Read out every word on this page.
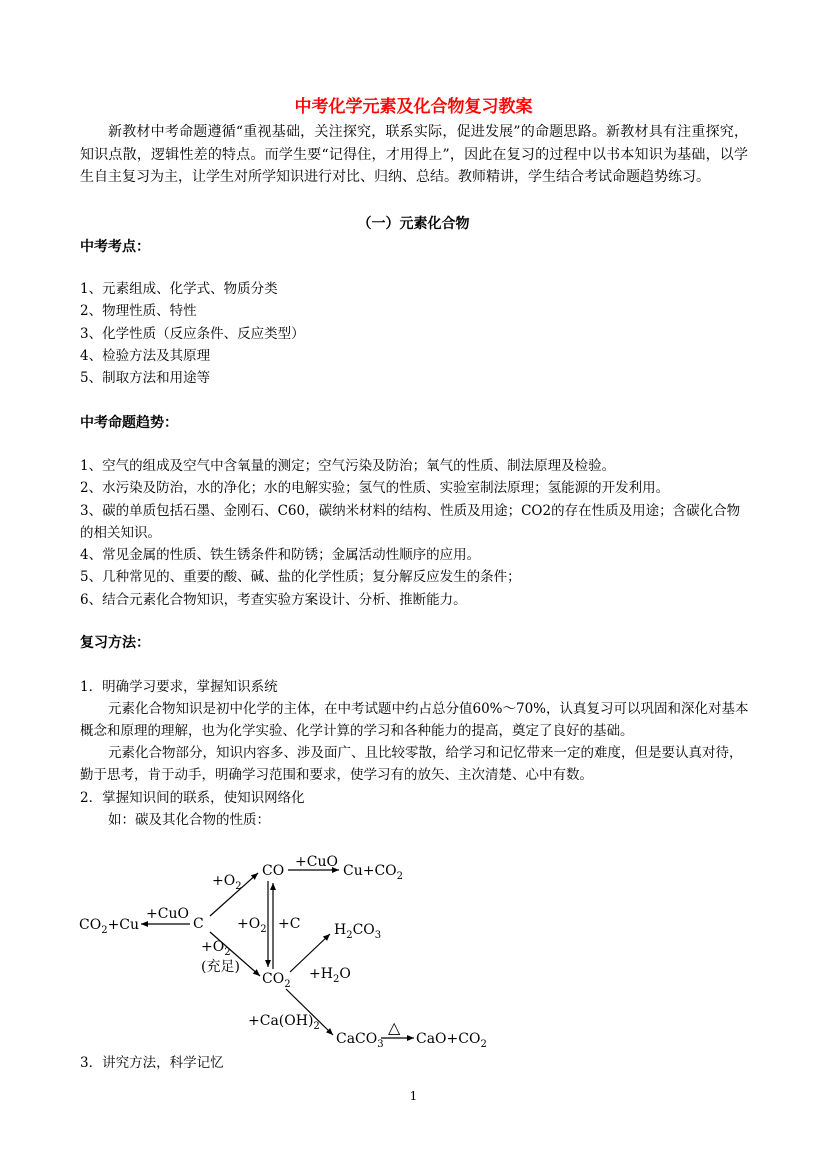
中考化学元素及化合物复习教案
新教材中考命题遵循“重视基础，关注探究，联系实际，促进发展”的命题思路。新教材具有注重探究，知识点散，逻辑性差的特点。而学生要“记得住，才用得上”，因此在复习的过程中以书本知识为基础，以学生自主复习为主，让学生对所学知识进行对比、归纳、总结。教师精讲，学生结合考试命题趋势练习。
（一）元素化合物
中考考点：
1、元素组成、化学式、物质分类
2、物理性质、特性
3、化学性质（反应条件、反应类型）
4、检验方法及其原理
5、制取方法和用途等
中考命题趋势：
1、空气的组成及空气中含氧量的测定；空气污染及防治；氧气的性质、制法原理及检验。
2、水污染及防治，水的净化；水的电解实验；氢气的性质、实验室制法原理；氢能源的开发利用。
3、碳的单质包括石墨、金刚石、C60，碳纳米材料的结构、性质及用途；CO2的存在性质及用途；含碳化合物的相关知识。
4、常见金属的性质、铁生锈条件和防锈；金属活动性顺序的应用。
5、几种常见的、重要的酸、碱、盐的化学性质；复分解反应发生的条件；
6、结合元素化合物知识，考查实验方案设计、分析、推断能力。
复习方法：
1．明确学习要求，掌握知识系统
元素化合物知识是初中化学的主体，在中考试题中约占总分值60%～70%，认真复习可以巩固和深化对基本概念和原理的理解，也为化学实验、化学计算的学习和各种能力的提高，奠定了良好的基础。
元素化合物部分，知识内容多、涉及面广、且比较零散，给学习和记忆带来一定的难度，但是要认真对待，勤于思考，肯于动手，明确学习范围和要求，使学习有的放矢、主次清楚、心中有数。
2．掌握知识间的联系，使知识网络化
如：碳及其化合物的性质：
$CO_2+Cu$
+CuO
C
$+O_2$
$+O_2$
(充足)
CO
+CuO
$Cu+CO_2$
$+O_2 +C$
$CO_2$
$H_2CO_3$
$+H_2O$
$+Ca(OH)_2$
CaCO$_3$
△
$CaO+CO_2$
3．讲究方法，科学记忆
1
